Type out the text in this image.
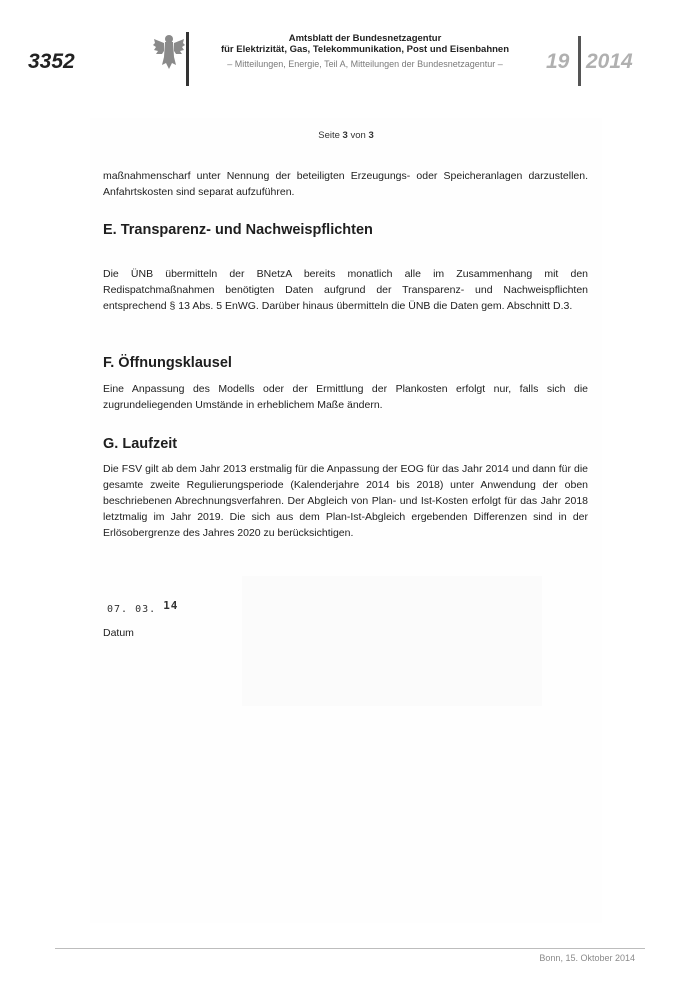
3352
Amtsblatt der Bundesnetzagentur
für Elektrizität, Gas, Telekommunikation, Post und Eisenbahnen
– Mitteilungen, Energie, Teil A, Mitteilungen der Bundesnetzagentur –	19 2014
Seite 3 von 3
maßnahmenscharf unter Nennung der beteiligten Erzeugungs- oder Speicheranlagen darzustellen. Anfahrtskosten sind separat aufzuführen.
E. Transparenz- und Nachweispflichten
Die ÜNB übermitteln der BNetzA bereits monatlich alle im Zusammenhang mit den Redispatchmaßnahmen benötigten Daten aufgrund der Transparenz- und Nachweispflichten entsprechend § 13 Abs. 5 EnWG. Darüber hinaus übermitteln die ÜNB die Daten gem. Abschnitt D.3.
F. Öffnungsklausel
Eine Anpassung des Modells oder der Ermittlung der Plankosten erfolgt nur, falls sich die zugrundeliegenden Umstände in erheblichem Maße ändern.
G. Laufzeit
Die FSV gilt ab dem Jahr 2013 erstmalig für die Anpassung der EOG für das Jahr 2014 und dann für die gesamte zweite Regulierungsperiode (Kalenderjahre 2014 bis 2018) unter Anwendung der oben beschriebenen Abrechnungsverfahren. Der Abgleich von Plan- und Ist-Kosten erfolgt für das Jahr 2018 letztmalig im Jahr 2019. Die sich aus dem Plan-Ist-Abgleich ergebenden Differenzen sind in der Erlösobergrenze des Jahres 2020 zu berücksichtigen.
07. 03. 14
Datum
Bonn, 15. Oktober 2014
